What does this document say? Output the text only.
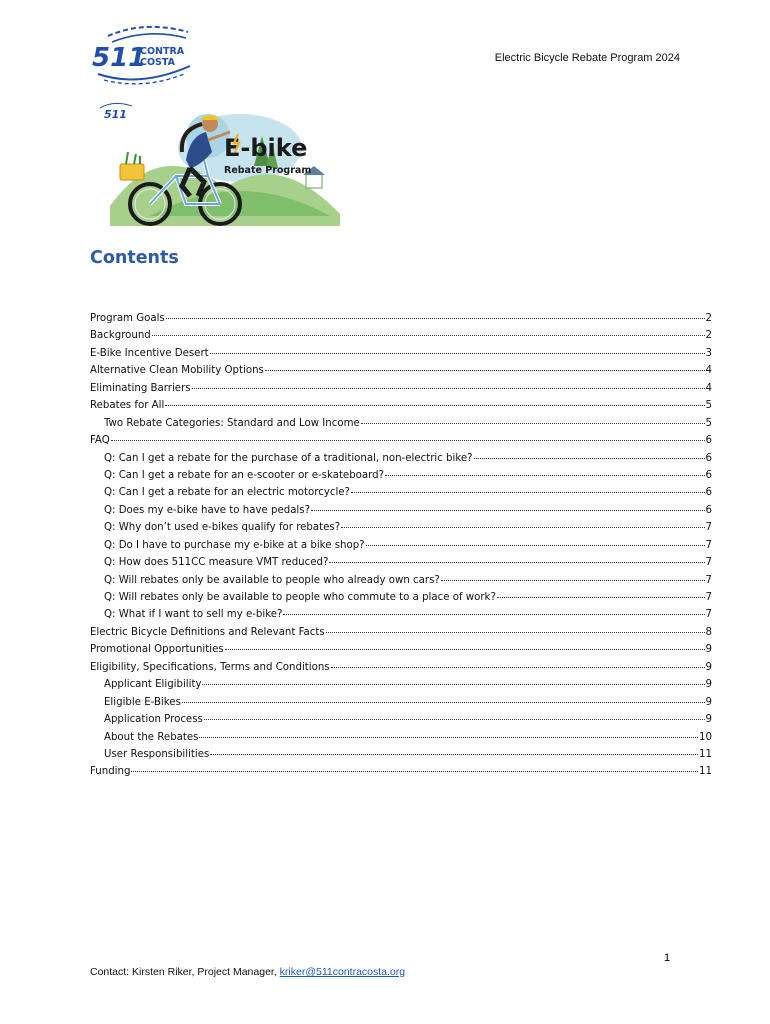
511
CONTRA
COSTA	Electric Bicycle Rebate Program 2024
511
E-bike
Rebate Program
Contents
Program Goals	2
Background	2
E-Bike Incentive Desert	3
Alternative Clean Mobility Options	4
Eliminating Barriers	4
Rebates for All	5
Two Rebate Categories: Standard and Low Income	5
FAQ	6
Q: Can I get a rebate for the purchase of a traditional, non-electric bike?	6
Q: Can I get a rebate for an e-scooter or e-skateboard?	6
Q: Can I get a rebate for an electric motorcycle?	6
Q: Does my e-bike have to have pedals?	6
Q: Why don’t used e-bikes qualify for rebates?	7
Q: Do I have to purchase my e-bike at a bike shop?	7
Q: How does 511CC measure VMT reduced?	7
Q: Will rebates only be available to people who already own cars?	7
Q: Will rebates only be available to people who commute to a place of work?	7
Q: What if I want to sell my e-bike?	7
Electric Bicycle Definitions and Relevant Facts	8
Promotional Opportunities	9
Eligibility, Specifications, Terms and Conditions	9
Applicant Eligibility	9
Eligible E-Bikes	9
Application Process	9
About the Rebates	10
User Responsibilities	11
Funding	11
1
Contact: Kirsten Riker, Project Manager, kriker@511contracosta.org
